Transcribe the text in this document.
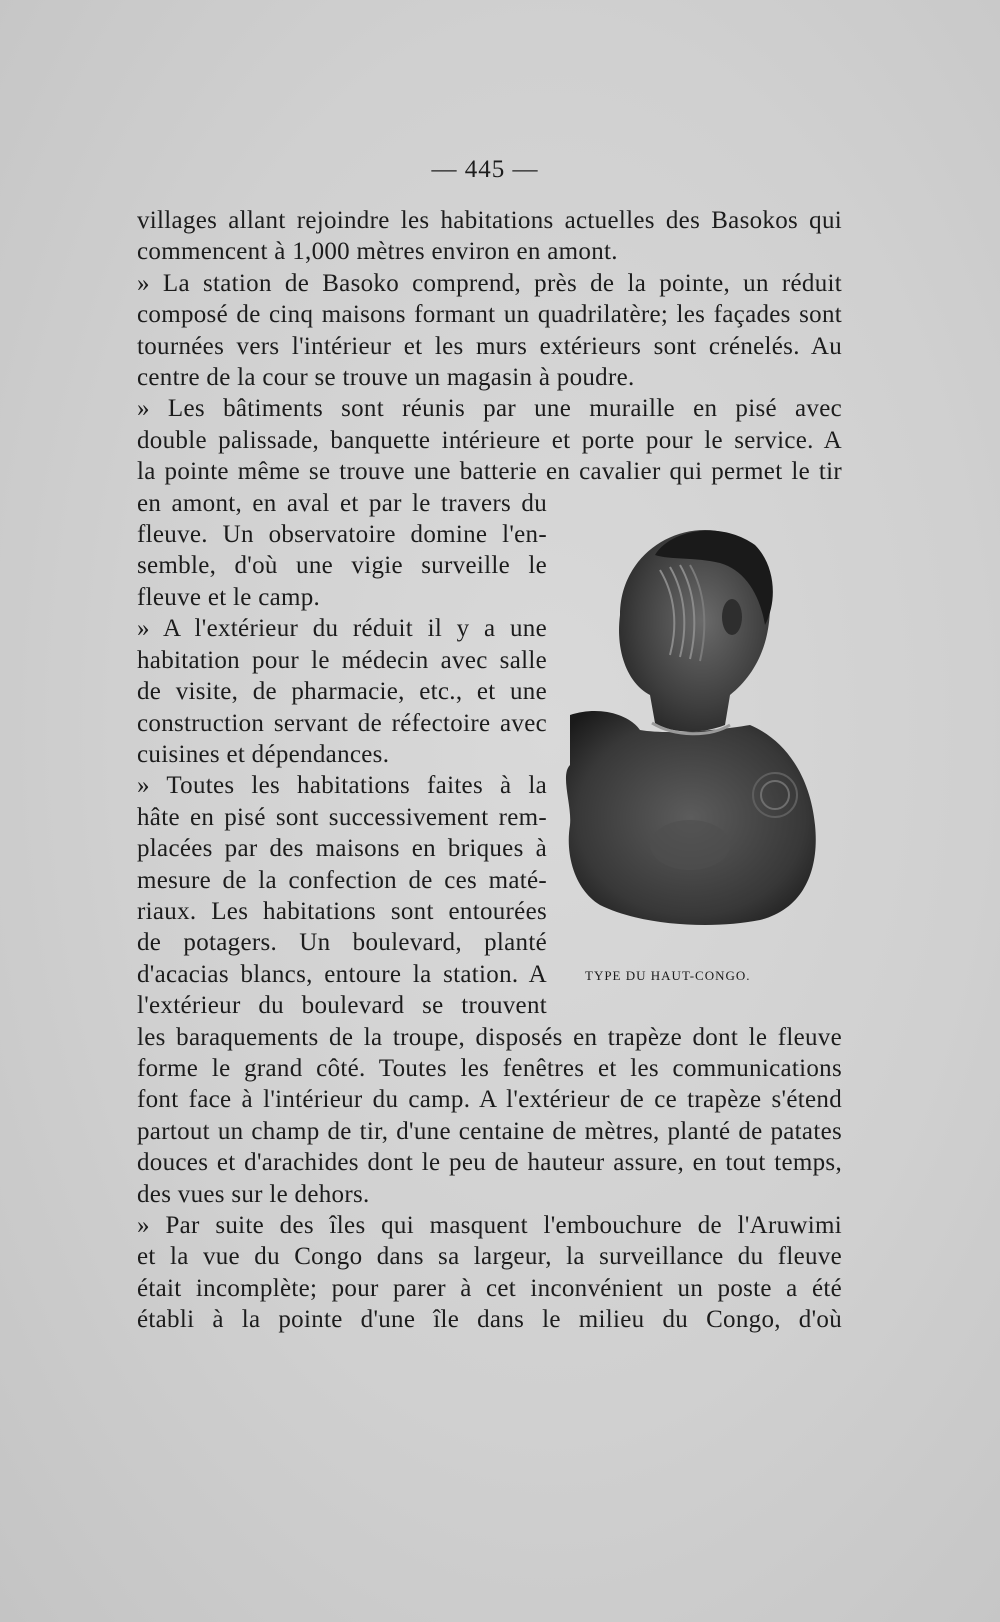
— 445 —
villages allant rejoindre les habitations actuelles des Basokos qui
commencent à 1,000 mètres environ en amont.
» La station de Basoko comprend, près de la pointe, un réduit
composé de cinq maisons formant un quadrilatère; les façades sont
tournées vers l'intérieur et les murs extérieurs sont crénelés. Au
centre de la cour se trouve un magasin à poudre.
» Les bâtiments sont réunis par une muraille en pisé avec
double palissade, banquette intérieure et porte pour le service. A
la pointe même se trouve une batterie en cavalier qui permet le tir
en amont, en aval et par le travers du
fleuve. Un observatoire domine l'en-
semble, d'où une vigie surveille le
fleuve et le camp.
» A l'extérieur du réduit il y a une
habitation pour le médecin avec salle
de visite, de pharmacie, etc., et une
construction servant de réfectoire avec
cuisines et dépendances.
» Toutes les habitations faites à la
hâte en pisé sont successivement rem-
placées par des maisons en briques à
mesure de la confection de ces maté-
riaux. Les habitations sont entourées
de potagers. Un boulevard, planté
d'acacias blancs, entoure la station. A
l'extérieur du boulevard se trouvent
les baraquements de la troupe, disposés en trapèze dont le fleuve
forme le grand côté. Toutes les fenêtres et les communications
font face à l'intérieur du camp. A l'extérieur de ce trapèze s'étend
partout un champ de tir, d'une centaine de mètres, planté de patates
douces et d'arachides dont le peu de hauteur assure, en tout temps,
des vues sur le dehors.
» Par suite des îles qui masquent l'embouchure de l'Aruwimi
et la vue du Congo dans sa largeur, la surveillance du fleuve
était incomplète; pour parer à cet inconvénient un poste a été
établi à la pointe d'une île dans le milieu du Congo, d'où
TYPE DU HAUT-CONGO.
